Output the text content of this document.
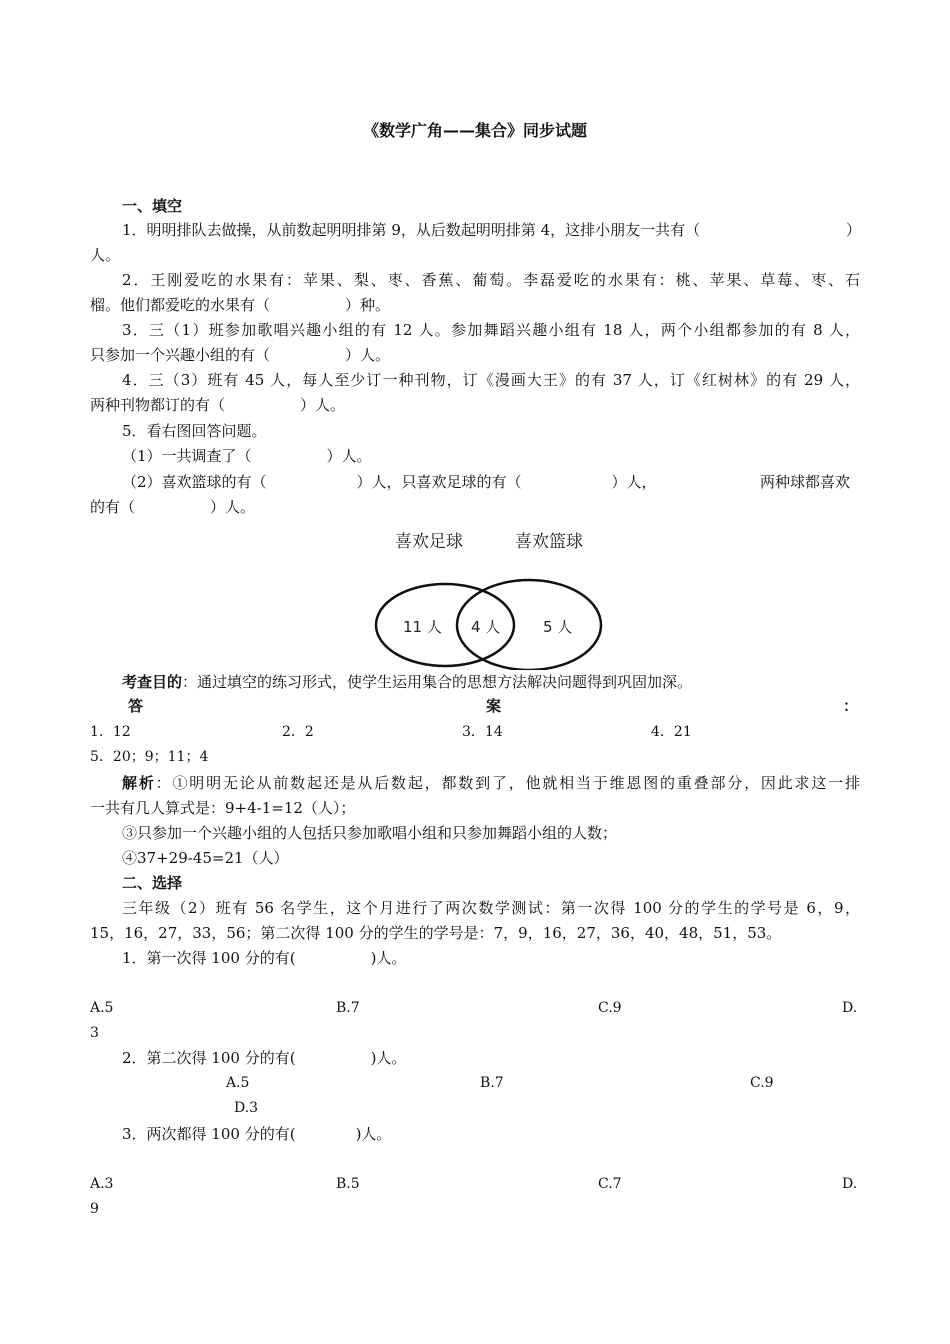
《数学广角——集合》同步试题
一、填空
1．明明排队去做操，从前数起明明排第 9，从后数起明明排第 4，这排小朋友一共有（	）
人。
2．王刚爱吃的水果有：苹果、梨、枣、香蕉、葡萄。李磊爱吃的水果有：桃、苹果、草莓、枣、石
榴。他们都爱吃的水果有（　　　　　）种。
3．三（1）班参加歌唱兴趣小组的有 12 人。参加舞蹈兴趣小组有 18 人，两个小组都参加的有 8 人，
只参加一个兴趣小组的有（　　　　　）人。
4．三（3）班有 45 人，每人至少订一种刊物，订《漫画大王》的有 37 人，订《红树林》的有 29 人，
两种刊物都订的有（　　　　　）人。
5．看右图回答问题。
（1）一共调查了（　　　　　）人。
（2）喜欢篮球的有（　　　　　　）人，只喜欢足球的有（　　　　　　）人，	两种球都喜欢
的有（　　　　　）人。
喜欢足球	喜欢篮球
11 人 4 人	5 人
考查目的：通过填空的练习形式，使学生运用集合的思想方法解决问题得到巩固加深。
答	案	：
1．12	2．2	3．14	4．21
5．20；9；11；4
解析：①明明无论从前数起还是从后数起，都数到了，他就相当于维恩图的重叠部分，因此求这一排
一共有几人算式是：9+4-1=12（人）；
③只参加一个兴趣小组的人包括只参加歌唱小组和只参加舞蹈小组的人数；
④37+29-45=21（人）
二、选择
三年级（2）班有 56 名学生，这个月进行了两次数学测试：第一次得 100 分的学生的学号是 6，9，
15，16，27，33，56；第二次得 100 分的学生的学号是：7，9，16，27，36，40，48，51，53。
1．第一次得 100 分的有(　　　　　)人。
A.5	B.7	C.9	D.
3
2．第二次得 100 分的有(　　　　　)人。
A.5	B.7	C.9
D.3
3．两次都得 100 分的有(　　　　)人。
A.3	B.5	C.7	D.
9
